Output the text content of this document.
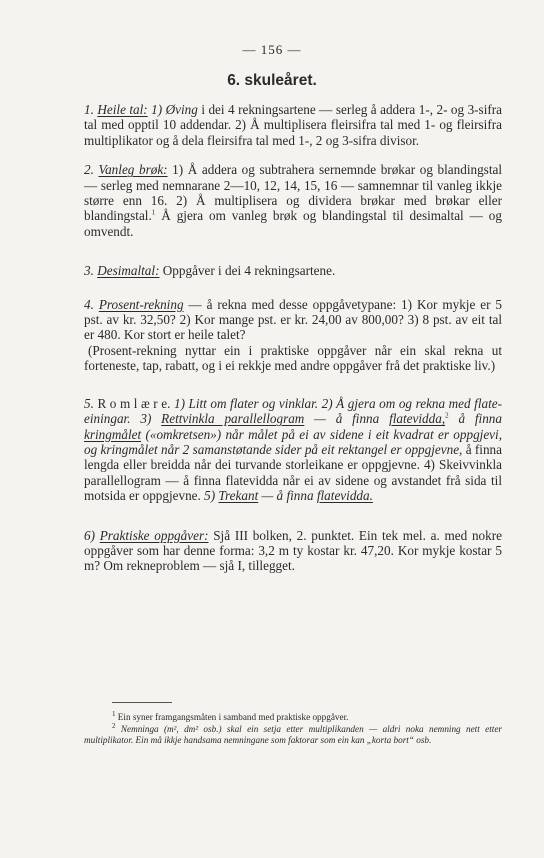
— 156 —
6. skuleåret.

1. Heile tal: 1) Øving i dei 4 rekningsartene — serleg å addera 1-, 2- og 3-sifra tal med opptil 10 addendar. 2) Å multiplisera fleirsifra tal med 1- og fleirsifra multiplikator og å dela fleirsifra tal med 1-, 2 og 3-sifra divisor.

2. Vanleg brøk: 1) Å addera og subtrahera sernemnde brøkar og blandingstal — serleg med nemnarane 2—10, 12, 14, 15, 16 — samnemnar til vanleg ikkje større enn 16. 2) Å multiplisera og dividera brøkar med brøkar eller blandingstal.$^1$ Å gjera om vanleg brøk og blandingstal til desimaltal — og omvendt.

3. Desimaltal: Oppgåver i dei 4 rekningsartene.

4. Prosent-rekning — å rekna med desse oppgåvetypane: 1) Kor mykje er 5 pst. av kr. 32,50? 2) Kor mange pst. er kr. 24,00 av 800,00? 3) 8 pst. av eit tal er 480. Kor stort er heile talet?

(Prosent-rekning nyttar ein i praktiske oppgåver når ein skal rekna ut forteneste, tap, rabatt, og i ei rekkje med andre oppgåver frå det praktiske liv.)

5. R o m l æ r e. 1) Litt om flater og vinklar. 2) Å gjera om og rekna med flate-einingar. 3) Rettvinkla parallellogram — å finna flatevidda,$^2$ å finna kringmålet («omkretsen») når målet på ei av sidene i eit kvadrat er oppgjevi, og kringmålet når 2 samanstøtande sider på eit rektangel er oppgjevne, å finna lengda eller breidda når dei turvande storleikane er oppgjevne. 4) Skeivvinkla parallellogram — å finna flatevidda når ei av sidene og avstandet frå sida til motsida er oppgjevne. 5) Trekant — å finna flatevidda.

6) Praktiske oppgåver: Sjå III bolken, 2. punktet. Ein tek mel. a. med nokre oppgåver som har denne forma: 3,2 m ty kostar kr. 47,20. Kor mykje kostar 5 m? Om rekneproblem — sjå I, tillegget.

$^1$ Ein syner framgangsmåten i samband med praktiske oppgåver.

$^2$ Nemninga (m², dm² osb.) skal ein setja etter multiplikanden — aldri noka nemning nett etter multiplikator. Ein må ikkje handsama nemningane som faktorar som ein kan „korta bort“ osb.
